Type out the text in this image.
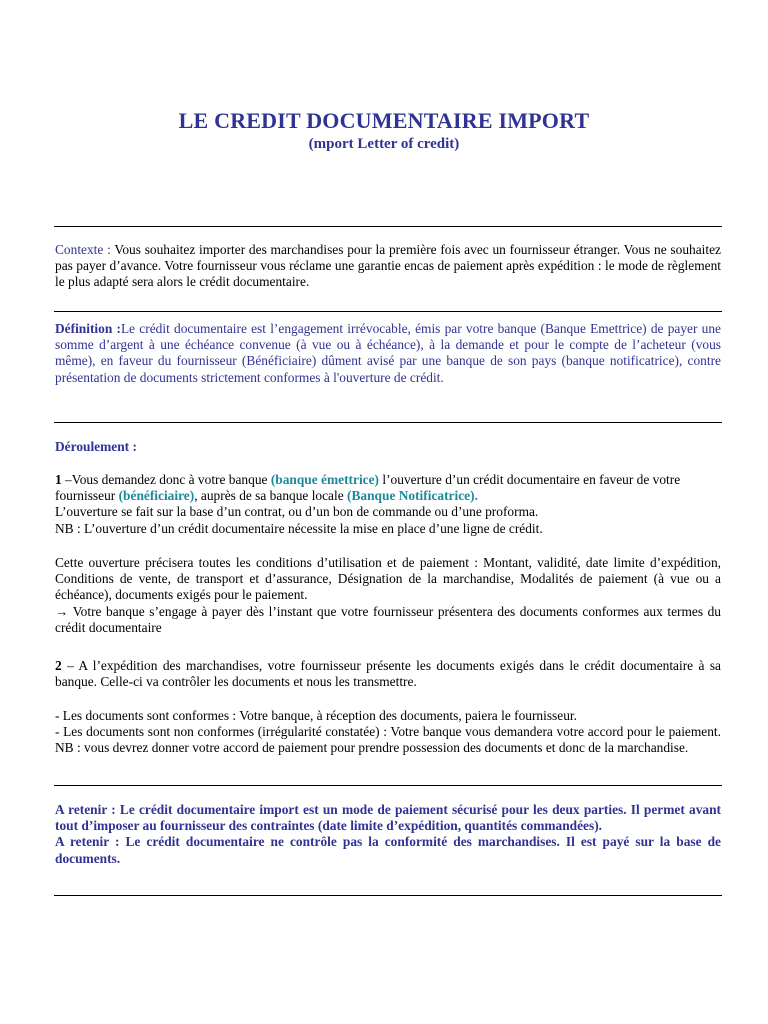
LE CREDIT DOCUMENTAIRE IMPORT
(mport Letter of credit)

Contexte : Vous souhaitez importer des marchandises pour la première fois avec un fournisseur étranger. Vous ne souhaitez pas payer d’avance. Votre fournisseur vous réclame une garantie encas de paiement après expédition : le mode de règlement le plus adapté sera alors le crédit documentaire.

Définition :Le crédit documentaire est l’engagement irrévocable, émis par votre banque (Banque Emettrice) de payer une somme d’argent à une échéance convenue (à vue ou à échéance), à la demande et pour le compte de l’acheteur (vous même), en faveur du fournisseur (Bénéficiaire) dûment avisé par une banque de son pays (banque notificatrice), contre présentation de documents strictement conformes à l'ouverture de crédit.

Déroulement :

1 –Vous demandez donc à votre banque (banque émettrice) l’ouverture d’un crédit documentaire en faveur de votre fournisseur (bénéficiaire), auprès de sa banque locale (Banque Notificatrice).

L’ouverture se fait sur la base d’un contrat, ou d’un bon de commande ou d’une proforma.

NB : L’ouverture d’un crédit documentaire nécessite la mise en place d’une ligne de crédit.

Cette ouverture précisera toutes les conditions d’utilisation et de paiement : Montant, validité, date limite d’expédition, Conditions de vente, de transport et d’assurance, Désignation de la marchandise, Modalités de paiement (à vue ou a échéance), documents exigés pour le paiement.

→ Votre banque s’engage à payer dès l’instant que votre fournisseur présentera des documents conformes aux termes du crédit documentaire

2 – A l’expédition des marchandises, votre fournisseur présente les documents exigés dans le crédit documentaire à sa banque. Celle-ci va contrôler les documents et nous les transmettre.

- Les documents sont conformes : Votre banque, à réception des documents, paiera le fournisseur.

- Les documents sont non conformes (irrégularité constatée) : Votre banque vous demandera votre accord pour le paiement. NB : vous devrez donner votre accord de paiement pour prendre possession des documents et donc de la marchandise.

A retenir : Le crédit documentaire import est un mode de paiement sécurisé pour les deux parties. Il permet avant tout d’imposer au fournisseur des contraintes (date limite d’expédition, quantités commandées).

A retenir : Le crédit documentaire ne contrôle pas la conformité des marchandises. Il est payé sur la base de documents.
